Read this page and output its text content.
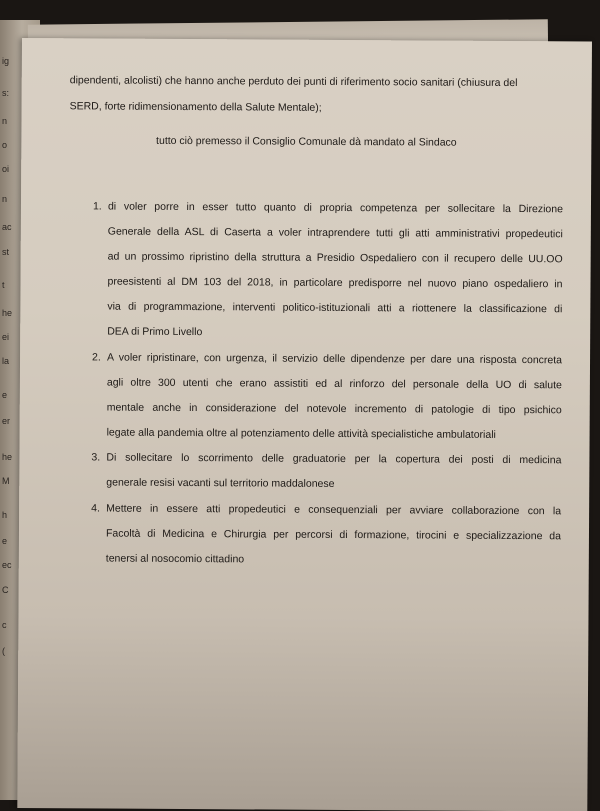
ig
s:
n
o
oi
n
ac
st
t
he
ei
la
e
er
he
M
h
e
ec
C
c
(
dipendenti, alcolisti) che hanno anche perduto dei punti di riferimento socio sanitari (chiusura del
SERD, forte ridimensionamento della Salute Mentale);
tutto ciò premesso il Consiglio Comunale dà mandato al Sindaco
1. di voler porre in esser tutto quanto di propria competenza per sollecitare la Direzione
Generale della ASL di Caserta a voler intraprendere tutti gli atti amministrativi propedeutici
ad un prossimo ripristino della struttura a Presidio Ospedaliero con il recupero delle UU.OO
preesistenti al DM 103 del 2018, in particolare predisporre nel nuovo piano ospedaliero in
via di programmazione, interventi politico-istituzionali atti a riottenere la classificazione di
DEA di Primo Livello
2. A voler ripristinare, con urgenza, il servizio delle dipendenze per dare una risposta concreta
agli oltre 300 utenti che erano assistiti ed al rinforzo del personale della UO di salute
mentale anche in considerazione del notevole incremento di patologie di tipo psichico
legate alla pandemia oltre al potenziamento delle attività specialistiche ambulatoriali
3. Di sollecitare lo scorrimento delle graduatorie per la copertura dei posti di medicina
generale resisi vacanti sul territorio maddalonese
4. Mettere in essere atti propedeutici e consequenziali per avviare collaborazione con la
Facoltà di Medicina e Chirurgia per percorsi di formazione, tirocini e specializzazione da
tenersi al nosocomio cittadino
